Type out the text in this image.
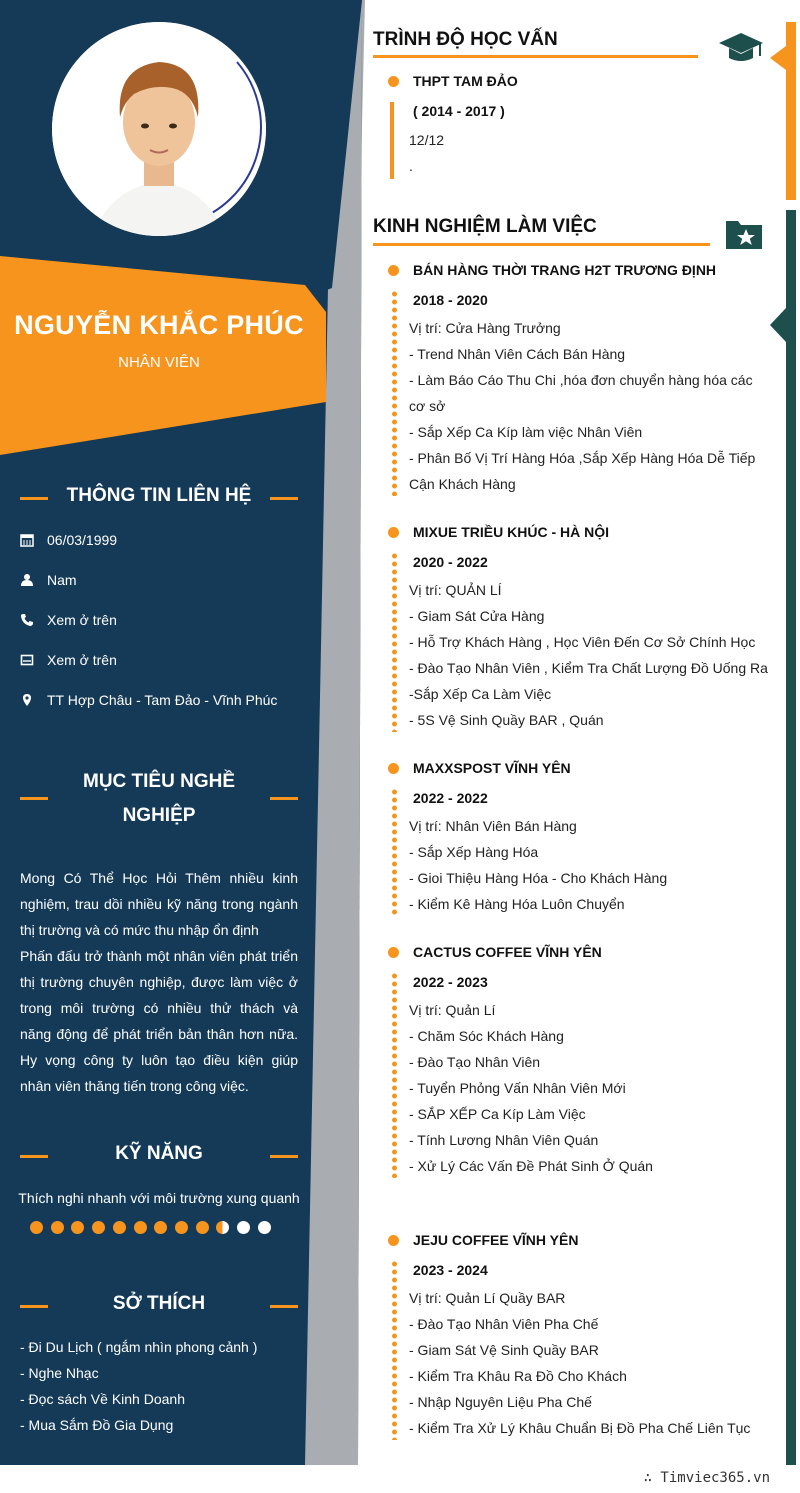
NGUYỄN KHẮC PHÚC
NHÂN VIÊN
THÔNG TIN LIÊN HỆ
06/03/1999
Nam
Xem ở trên
Xem ở trên
TT Hợp Châu - Tam Đảo - Vĩnh Phúc
MỤC TIÊU NGHỀ
NGHIỆP
Mong Có Thể Học Hỏi Thêm nhiều kinh nghiệm, trau dồi nhiều kỹ năng trong ngành thị trường và có mức thu nhập ổn định
Phấn đấu trở thành một nhân viên phát triển thị trường chuyên nghiệp, được làm việc ở trong môi trường có nhiều thử thách và năng động để phát triển bản thân hơn nữa. Hy vọng công ty luôn tạo điều kiện giúp nhân viên thăng tiến trong công việc.
KỸ NĂNG
Thích nghi nhanh với môi trường xung quanh
SỞ THÍCH
- Đi Du Lịch ( ngắm nhìn phong cảnh )
- Nghe Nhạc
- Đọc sách Về Kinh Doanh
- Mua Sắm Đồ Gia Dụng
TRÌNH ĐỘ HỌC VẤN
THPT TAM ĐẢO
( 2014 - 2017 )
12/12
.
KINH NGHIỆM LÀM VIỆC
BÁN HÀNG THỜI TRANG H2T TRƯƠNG ĐỊNH
2018 - 2020
Vị trí: Cửa Hàng Trưởng
- Trend Nhân Viên Cách Bán Hàng
- Làm Báo Cáo Thu Chi ,hóa đơn chuyển hàng hóa các
cơ sở
- Sắp Xếp Ca Kíp làm việc Nhân Viên
- Phân Bố Vị Trí Hàng Hóa ,Sắp Xếp Hàng Hóa Dễ Tiếp
Cận Khách Hàng
MIXUE TRIỀU KHÚC - HÀ NỘI
2020 - 2022
Vị trí: QUẢN LÍ
- Giam Sát Cửa Hàng
- Hỗ Trợ Khách Hàng , Học Viên Đến Cơ Sở Chính Học
- Đào Tạo Nhân Viên , Kiểm Tra Chất Lượng Đồ Uống Ra
-Sắp Xếp Ca Làm Việc
- 5S Vệ Sinh Quầy BAR , Quán
MAXXSPOST VĨNH YÊN
2022 - 2022
Vị trí: Nhân Viên Bán Hàng
- Sắp Xếp Hàng Hóa
- Gioi Thiệu Hàng Hóa - Cho Khách Hàng
- Kiểm Kê Hàng Hóa Luôn Chuyển
CACTUS COFFEE VĨNH YÊN
2022 - 2023
Vị trí: Quản Lí
- Chăm Sóc Khách Hàng
- Đào Tạo Nhân Viên
- Tuyển Phỏng Vấn Nhân Viên Mới
- SẮP XẾP Ca Kíp Làm Việc
- Tính Lương Nhân Viên Quán
- Xử Lý Các Vấn Đề Phát Sinh Ở Quán
JEJU COFFEE VĨNH YÊN
2023 - 2024
Vị trí: Quản Lí Quầy BAR
- Đào Tạo Nhân Viên Pha Chế
- Giam Sát Vệ Sinh Quầy BAR
- Kiểm Tra Khâu Ra Đồ Cho Khách
- Nhập Nguyên Liệu Pha Chế
- Kiểm Tra Xử Lý Khâu Chuẩn Bị Đồ Pha Chế Liên Tục
∴ Timviec365.vn
